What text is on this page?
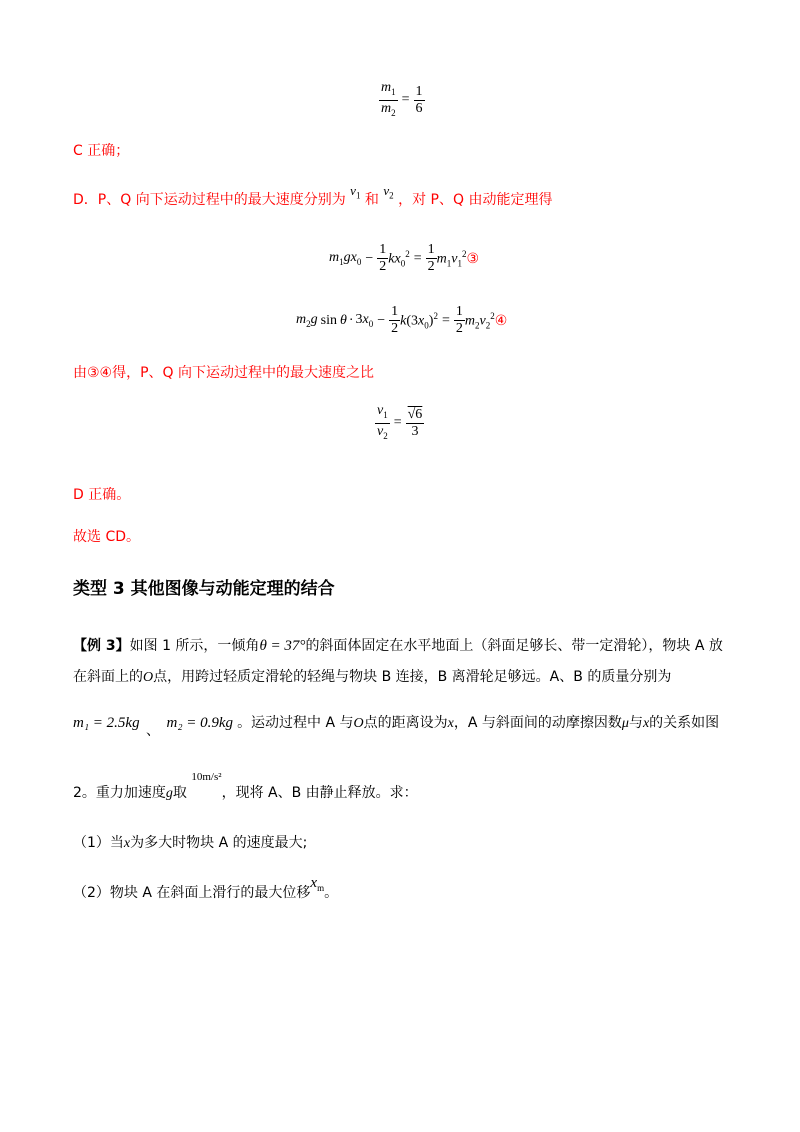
$\frac{m_1}{m_2} = \frac{1}{6}$
C 正确；
D．P、Q 向下运动过程中的最大速度分别为 $v_1$ 和 $v_2$ ，对 P、Q 由动能定理得
$m_1gx_0 - \frac{1}{2} kx_0^2 = \frac{1}{2} m_1v_1^2$ ③
$m_2g$ $\sin \theta \cdot 3x_0 - \frac{1}{2} k(3x_0)^2 = \frac{1}{2} m_2v_2^2$ ④
由③④得，P、Q 向下运动过程中的最大速度之比
$\frac{v_1}{v_2} = \frac{√6}{3}$
D 正确。
故选 CD。
类型 3 其他图像与动能定理的结合
【例 3】如图 1 所示，一倾角θ = 37°的斜面体固定在水平地面上（斜面足够长、带一定滑轮），物块 A 放
在斜面上的O点，用跨过轻质定滑轮的轻绳与物块 B 连接，B 离滑轮足够远。A、B 的质量分别为
m₁ = 2.5kg 、 m₂ = 0.9kg 。运动过程中 A 与O点的距离设为x，A 与斜面间的动摩擦因数μ与x的关系如图
2。重力加速度g取 $^{10m/s^2}$，现将 A、B 由静止释放。求：
（1）当x为多大时物块 A 的速度最大;
（2）物块 A 在斜面上滑行的最大位移$x_m$。
